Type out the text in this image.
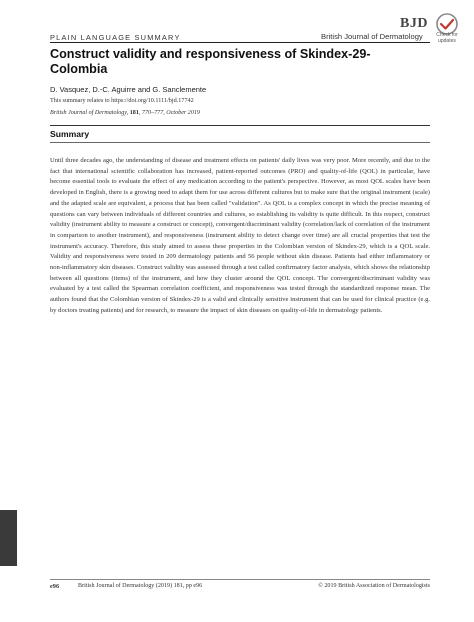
PLAIN LANGUAGE SUMMARY
BJD
British Journal of Dermatology	Check for updates
Construct validity and responsiveness of Skindex-29-Colombia
D. Vasquez, D.-C. Aguirre and G. Sanclemente
This summary relates to https://doi.org/10.1111/bjd.17742
British Journal of Dermatology, 181, 770–777, October 2019
Summary

Until three decades ago, the understanding of disease and treatment effects on patients' daily lives was very poor. More recently, and due to the fact that international scientific collaboration has increased, patient-reported outcomes (PRO) and quality-of-life (QOL) in particular, have become essential tools to evaluate the effect of any medication according to the patient's perspective. However, as most QOL scales have been developed in English, there is a growing need to adapt them for use across different cultures but to make sure that the original instrument (scale) and the adapted scale are equivalent, a process that has been called "validation". As QOL is a complex concept in which the precise meaning of questions can vary between individuals of different countries and cultures, so establishing its validity is quite difficult. In this respect, construct validity (instrument ability to measure a construct or concept), convergent/discriminant validity (correlation/lack of correlation of the instrument in comparison to another instrument), and responsiveness (instrument ability to detect change over time) are all crucial properties that test the instrument's accuracy. Therefore, this study aimed to assess these properties in the Colombian version of Skindex-29, which is a QOL scale. Validity and responsiveness were tested in 209 dermatology patients and 56 people without skin disease. Patients had either inflammatory or non-inflammatory skin diseases. Construct validity was assessed through a test called confirmatory factor analysis, which shows the relationship between all questions (items) of the instrument, and how they cluster around the QOL concept. The convergent/discriminant validity was evaluated by a test called the Spearman correlation coefficient, and responsiveness was tested through the standardized response mean. The authors found that the Colombian version of Skindex-29 is a valid and clinically sensitive instrument that can be used for clinical practice (e.g. by doctors treating patients) and for research, to measure the impact of skin diseases on quality-of-life in dermatology patients.

e96	British Journal of Dermatology (2019) 181, pp e96	© 2019 British Association of Dermatologists
